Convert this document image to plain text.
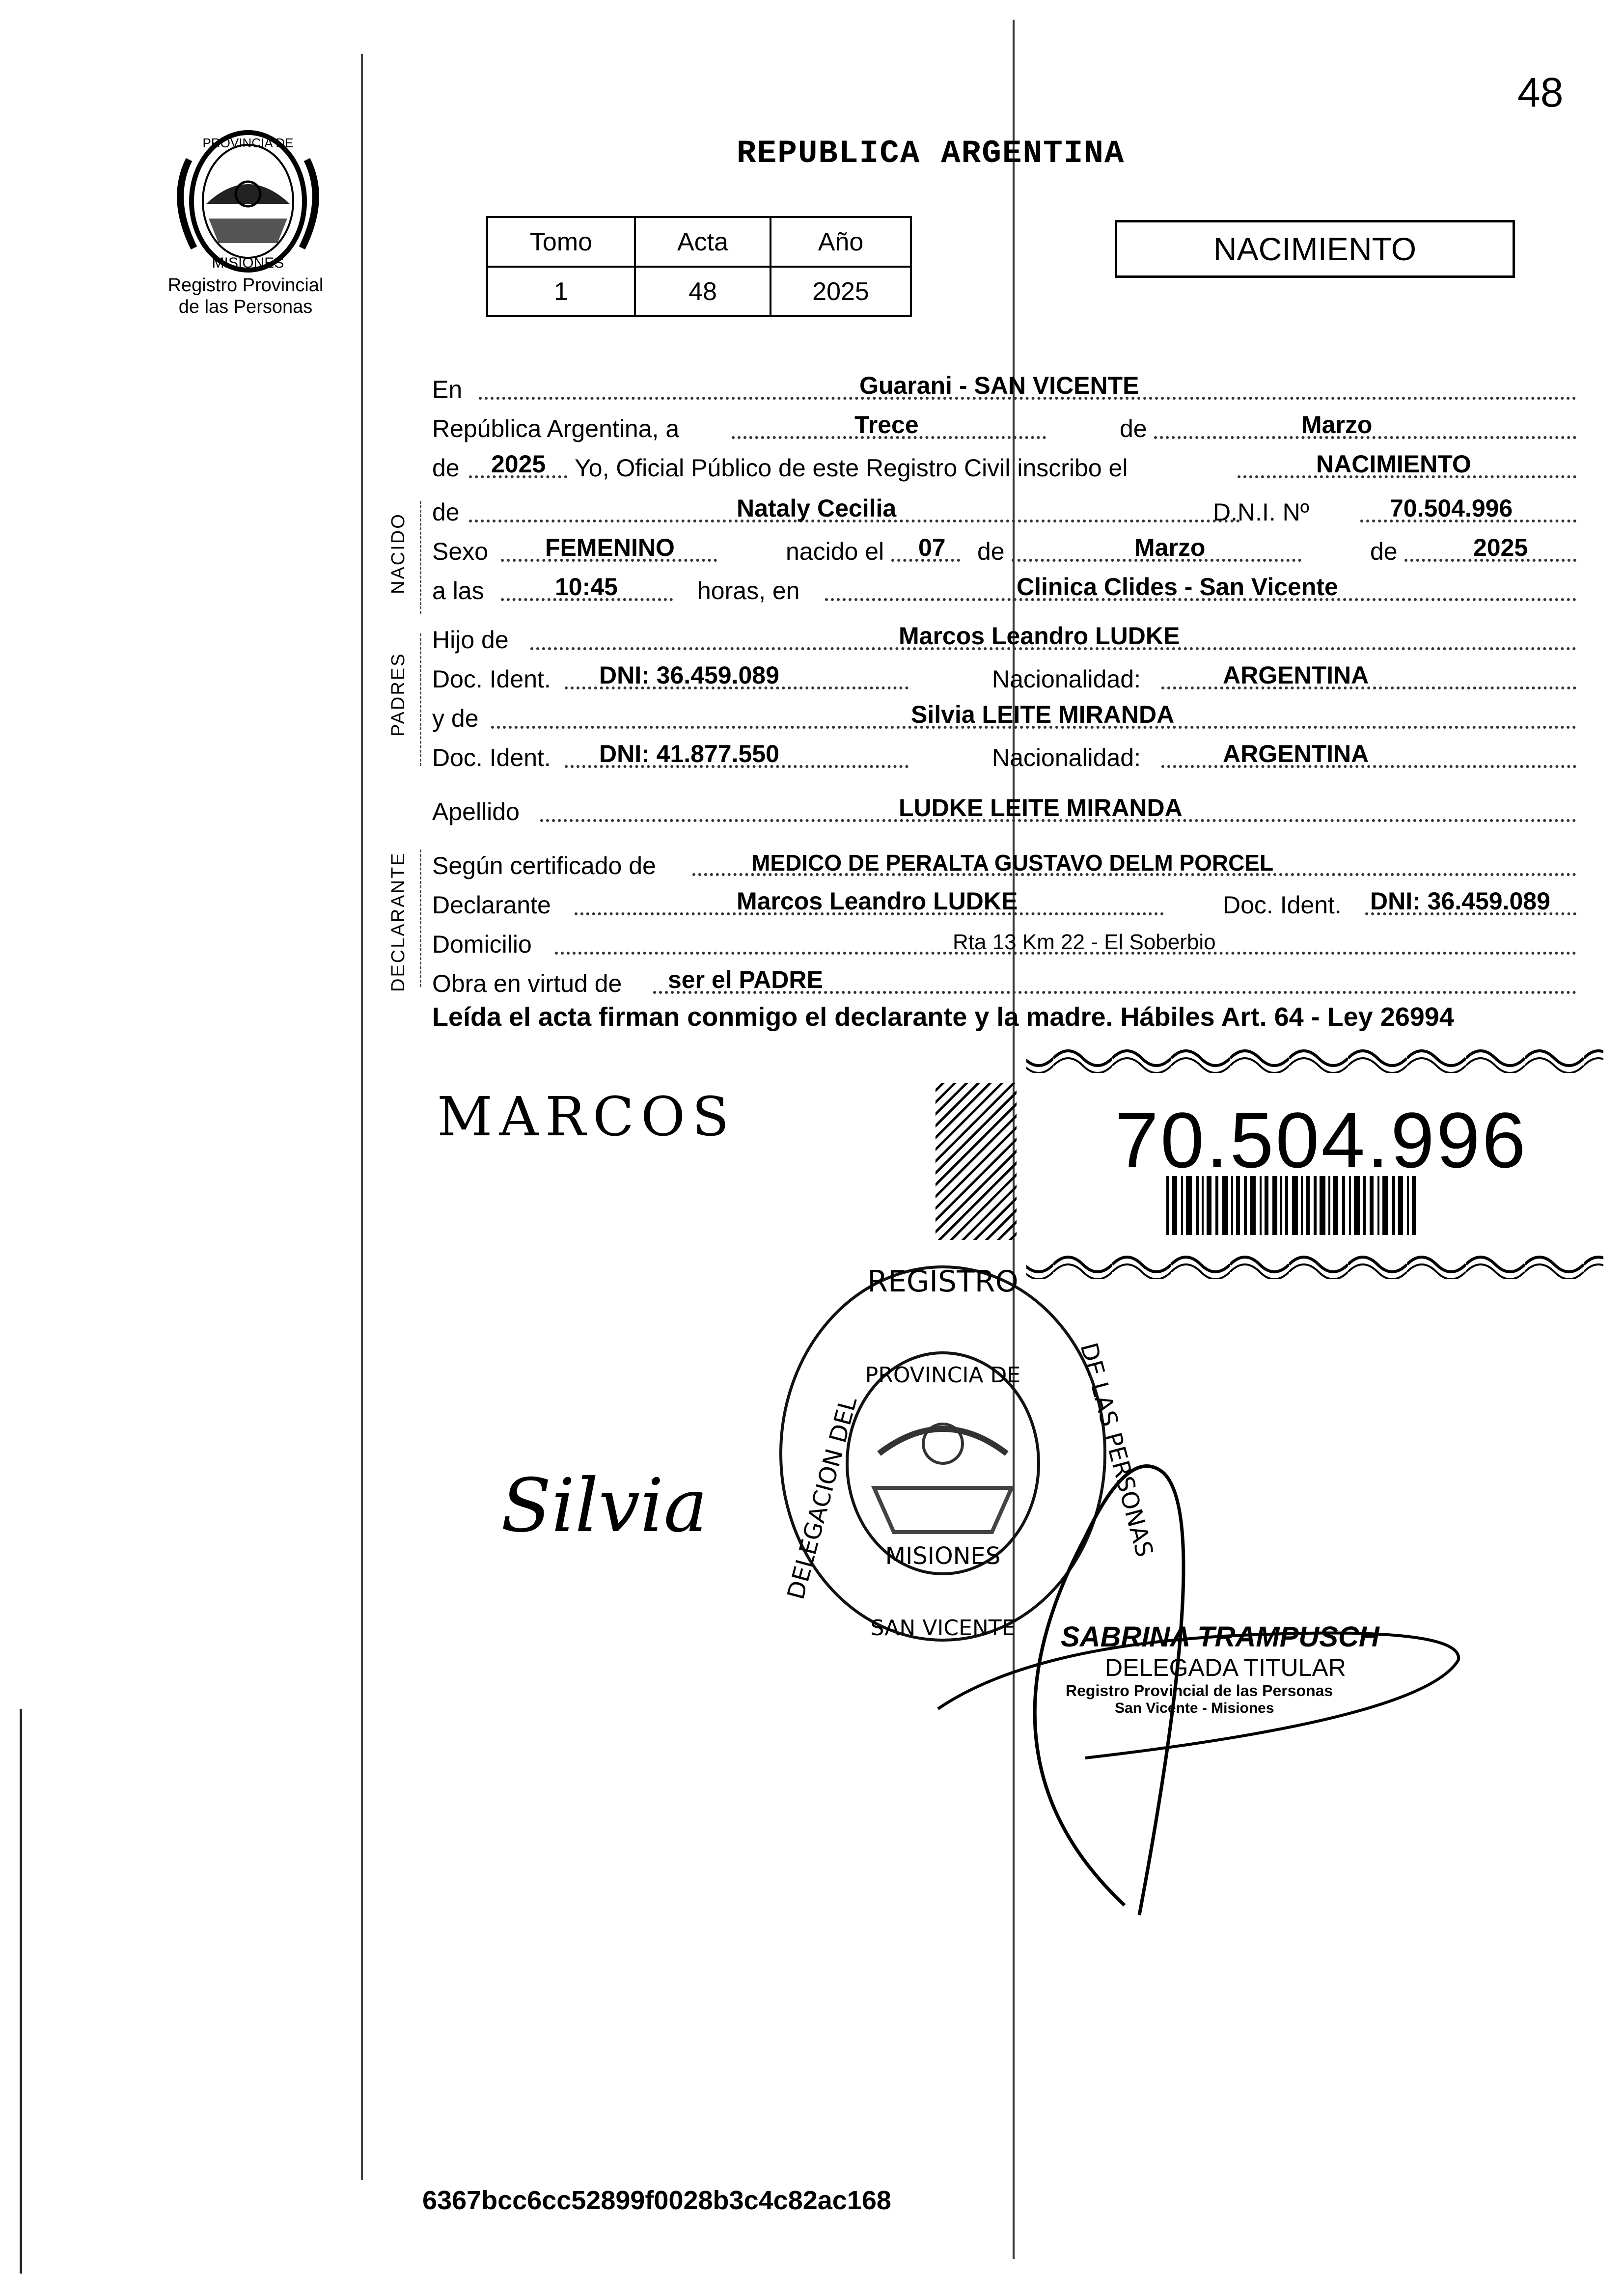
48
PROVINCIA DE
MISIONES
Registro Provincial
de las Personas
REPUBLICA ARGENTINA
Tomo	Acta	Año
1	48	2025
NACIMIENTO
NACIDO
PADRES
DECLARANTE
En	Guarani - SAN VICENTE
República Argentina, a	Trece	de	Marzo
de 2025 Yo, Oficial Público de este Registro Civil inscribo el	NACIMIENTO
de	Nataly Cecilia	D.N.I. Nº	70.504.996
Sexo FEMENINO	nacido el 07 de	Marzo	de	2025
a las	10:45	horas, en	Clinica Clides - San Vicente
Hijo de	Marcos Leandro LUDKE
Doc. Ident. DNI: 36.459.089	Nacionalidad:	ARGENTINA
y de	Silvia LEITE MIRANDA
Doc. Ident. DNI: 41.877.550	Nacionalidad:	ARGENTINA
Apellido	LUDKE LEITE MIRANDA
Según certificado de	MEDICO DE PERALTA GUSTAVO DELM PORCEL
Declarante	Marcos Leandro LUDKE	Doc. Ident. DNI: 36.459.089
Domicilio	Rta 13 Km 22 - El Soberbio
Obra en virtud de ser el PADRE
Leída el acta firman conmigo el declarante y la madre. Hábiles Art. 64 - Ley 26994
MARCOS
Silvia
70.504.996
REGISTRO
DELEGACION DEL	DE LAS PERSONAS
SAN VICENTE
PROVINCIA DE
MISIONES
SABRINA TRAMPUSCH
DELEGADA TITULAR
Registro Provincial de las Personas
San Vicente - Misiones
6367bcc6cc52899f0028b3c4c82ac168
